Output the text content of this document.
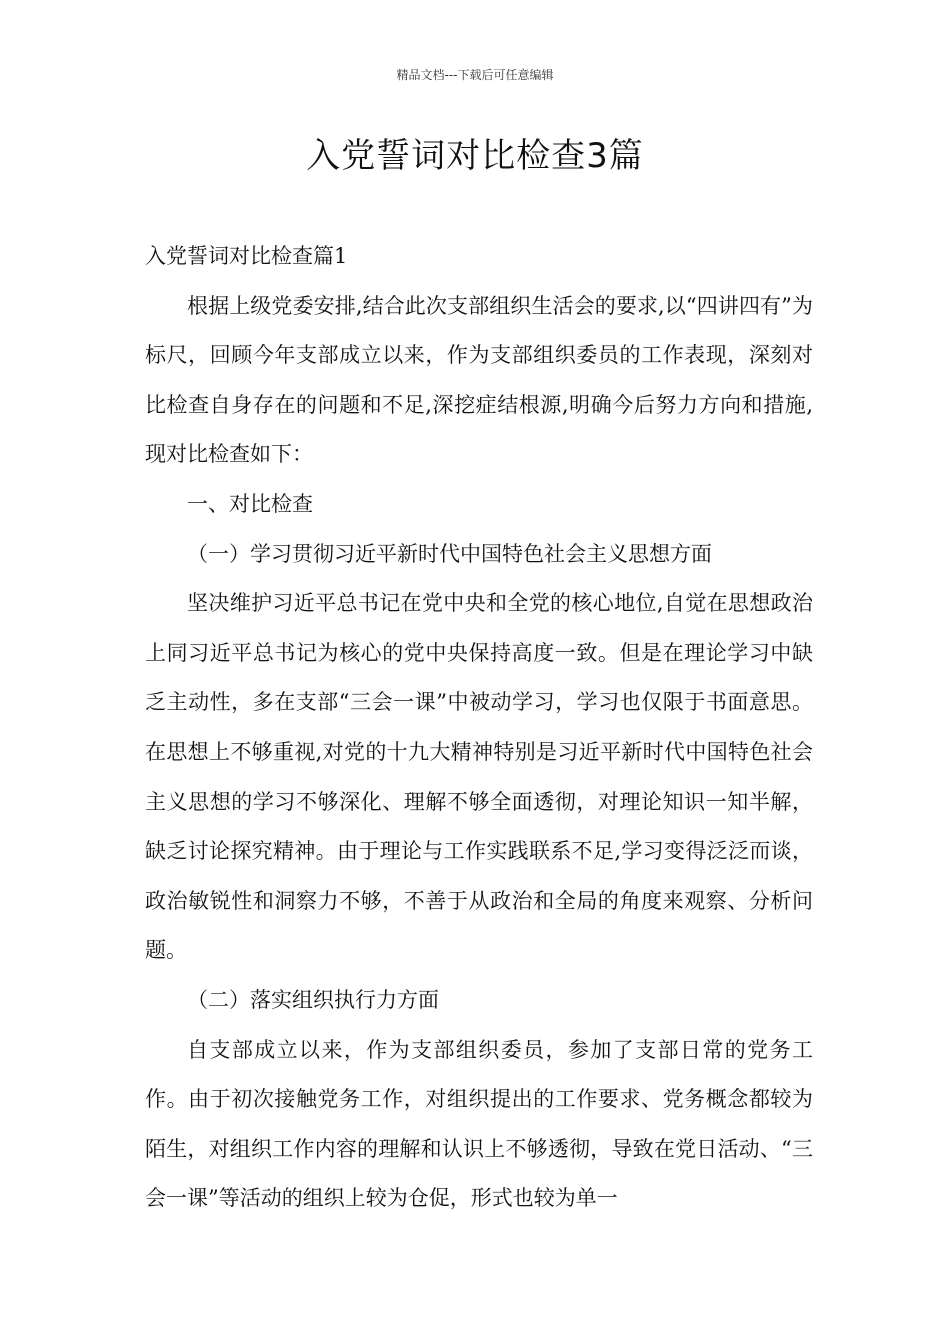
精品文档---下载后可任意编辑
入党誓词对比检查3篇

入党誓词对比检查篇1

根据上级党委安排,结合此次支部组织生活会的要求,以“四讲四有”为标尺，回顾今年支部成立以来，作为支部组织委员的工作表现，深刻对比检查自身存在的问题和不足,深挖症结根源,明确今后努力方向和措施,现对比检查如下：

一、对比检查

（一）学习贯彻习近平新时代中国特色社会主义思想方面

坚决维护习近平总书记在党中央和全党的核心地位,自觉在思想政治上同习近平总书记为核心的党中央保持高度一致。但是在理论学习中缺乏主动性，多在支部“三会一课”中被动学习，学习也仅限于书面意思。在思想上不够重视,对党的十九大精神特别是习近平新时代中国特色社会主义思想的学习不够深化、理解不够全面透彻，对理论知识一知半解，缺乏讨论探究精神。由于理论与工作实践联系不足,学习变得泛泛而谈，政治敏锐性和洞察力不够，不善于从政治和全局的角度来观察、分析问题。

（二）落实组织执行力方面

自支部成立以来，作为支部组织委员，参加了支部日常的党务工作。由于初次接触党务工作，对组织提出的工作要求、党务概念都较为陌生，对组织工作内容的理解和认识上不够透彻，导致在党日活动、“三会一课”等活动的组织上较为仓促，形式也较为单一
